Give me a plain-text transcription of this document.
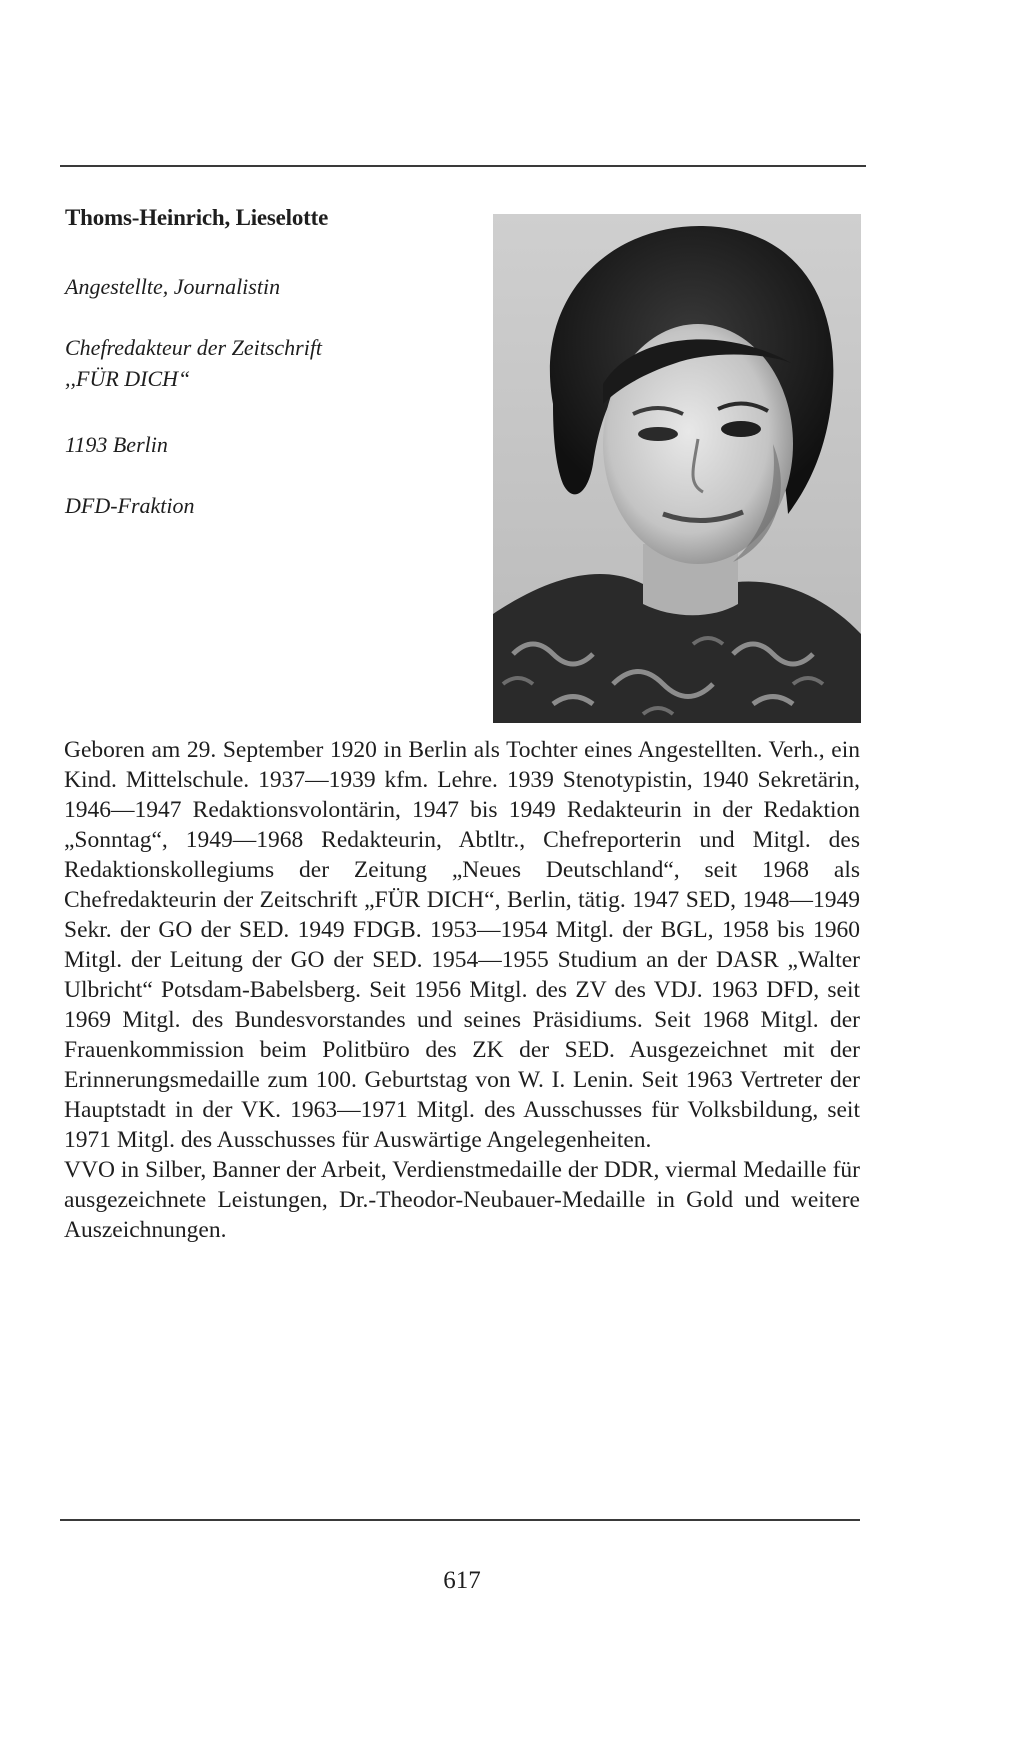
Thoms-Heinrich, Lieselotte
Angestellte, Journalistin
Chefredakteur der Zeitschrift
,,FÜR DICH“
1193 Berlin
DFD-Fraktion

Geboren am 29. September 1920 in Berlin als Tochter eines Angestellten. Verh., ein Kind. Mittelschule. 1937—1939 kfm. Lehre. 1939 Stenotypistin, 1940 Sekretärin, 1946—1947 Redaktionsvolontärin, 1947 bis 1949 Redakteurin in der Redaktion „Sonntag“, 1949—1968 Redakteurin, Abtltr., Chefreporterin und Mitgl. des Redaktionskollegiums der Zeitung „Neues Deutschland“, seit 1968 als Chefredakteurin der Zeitschrift „FÜR DICH“, Berlin, tätig. 1947 SED, 1948—1949 Sekr. der GO der SED. 1949 FDGB. 1953—1954 Mitgl. der BGL, 1958 bis 1960 Mitgl. der Leitung der GO der SED. 1954—1955 Studium an der DASR „Walter Ulbricht“ Potsdam-Babelsberg. Seit 1956 Mitgl. des ZV des VDJ. 1963 DFD, seit 1969 Mitgl. des Bundesvorstandes und seines Präsidiums. Seit 1968 Mitgl. der Frauenkommission beim Politbüro des ZK der SED. Ausgezeichnet mit der Erinnerungsmedaille zum 100. Geburtstag von W. I. Lenin. Seit 1963 Vertreter der Hauptstadt in der VK. 1963—1971 Mitgl. des Ausschusses für Volksbildung, seit 1971 Mitgl. des Ausschusses für Auswärtige Angelegenheiten.

VVO in Silber, Banner der Arbeit, Verdienstmedaille der DDR, viermal Medaille für ausgezeichnete Leistungen, Dr.-Theodor-Neubauer-Medaille in Gold und weitere Auszeichnungen.

617
